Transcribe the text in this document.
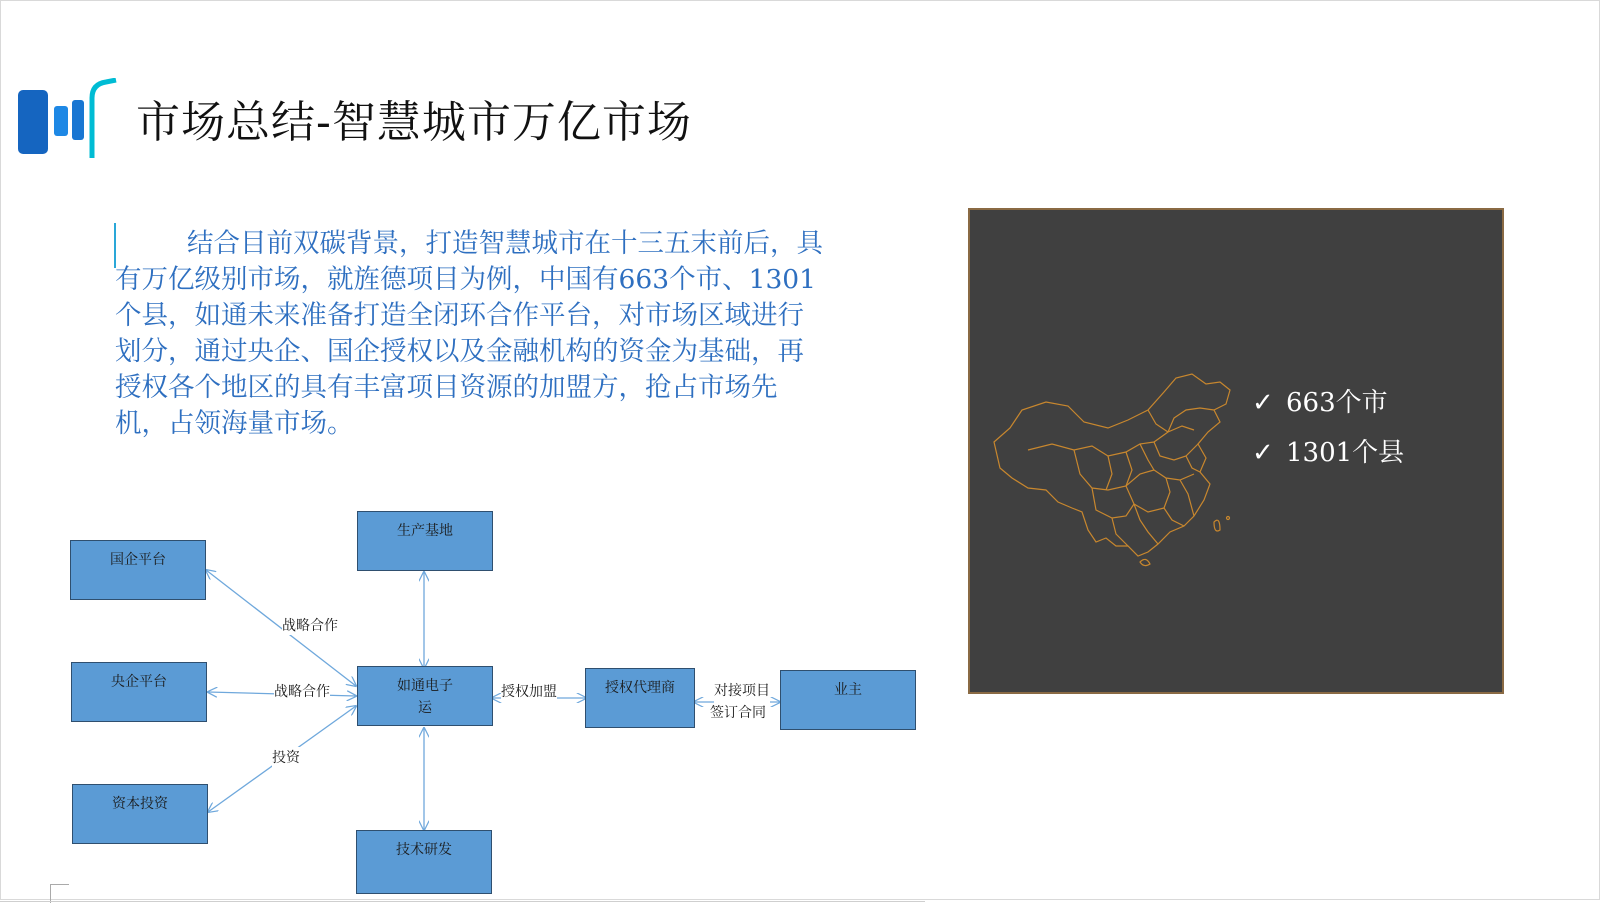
市场总结-智慧城市万亿市场
结合目前双碳背景，打造智慧城市在十三五末前后，具有万亿级别市场，就旌德项目为例，中国有663个市、1301个县，如通未来准备打造全闭环合作平台，对市场区域进行划分，通过央企、国企授权以及金融机构的资金为基础，再授权各个地区的具有丰富项目资源的加盟方，抢占市场先机，占领海量市场。
✓ 663个市
✓ 1301个县
国企平台
央企平台
资本投资
生产基地
如通电子运
技术研发
授权代理商	业主
战略合作
战略合作
投资
授权加盟	对接项目
签订合同
